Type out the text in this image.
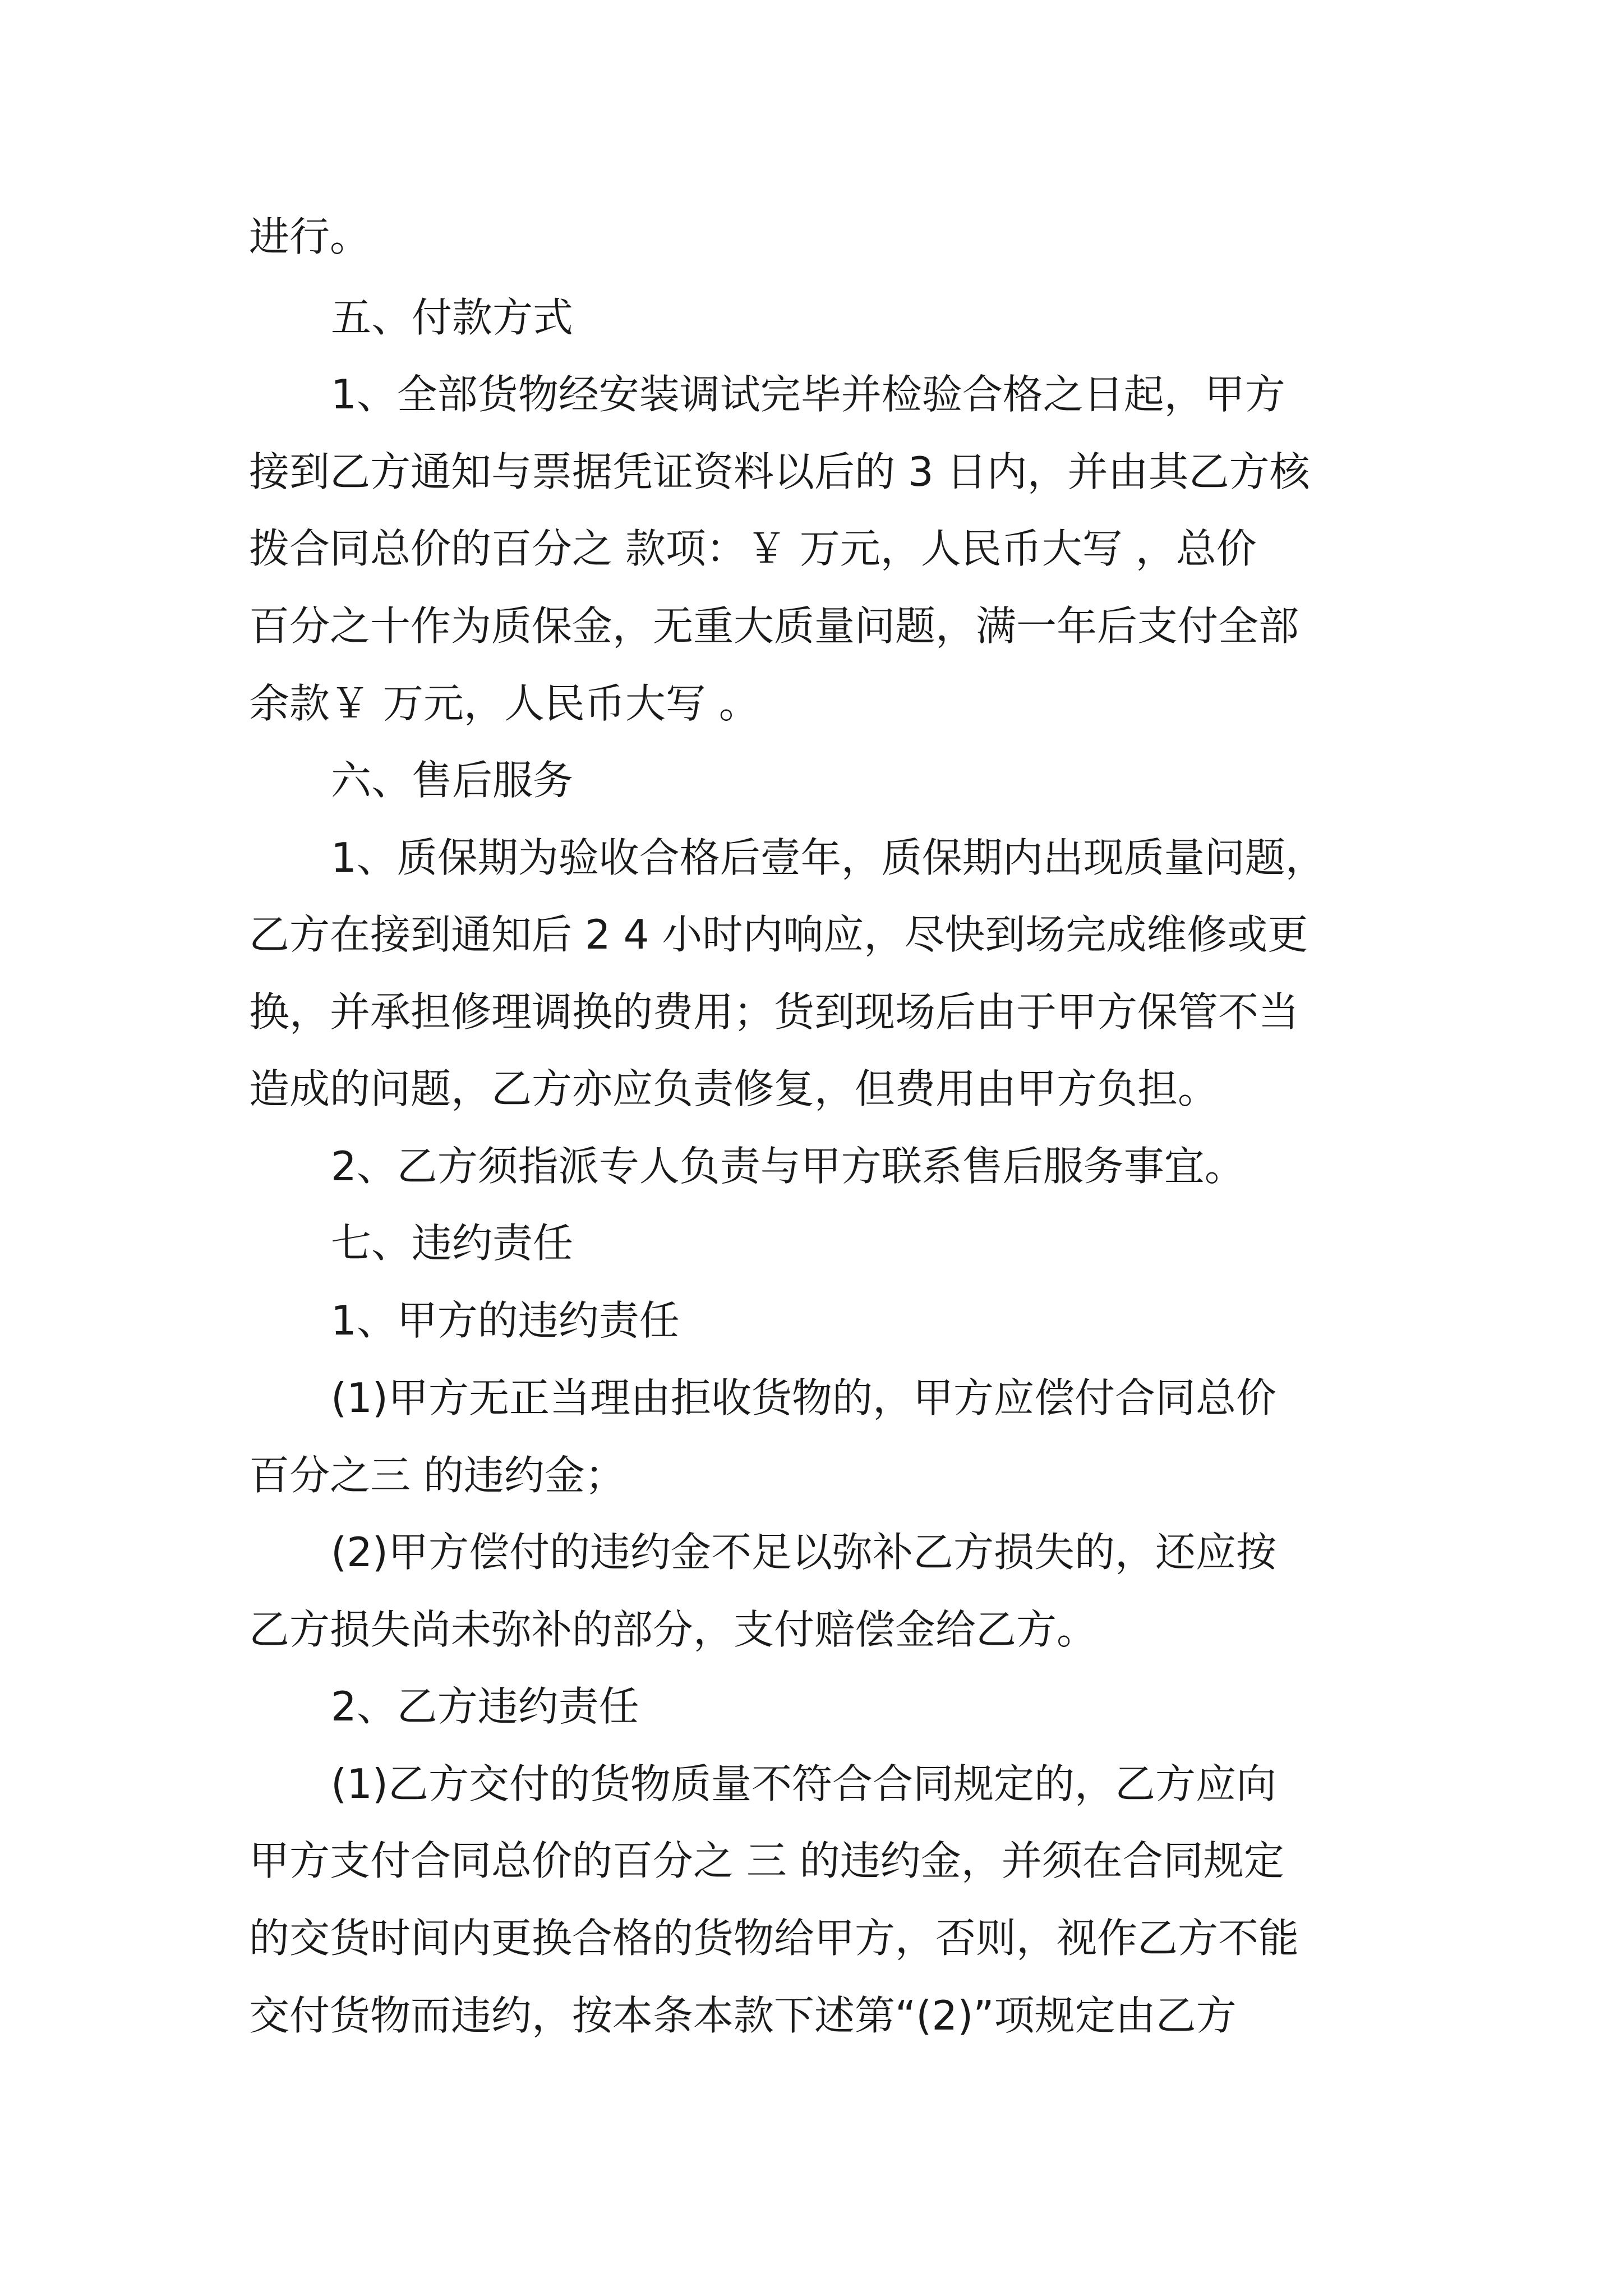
进行。
五、付款方式
1、全部货物经安装调试完毕并检验合格之日起，甲方
接到乙方通知与票据凭证资料以后的 3 日内，并由其乙方核
拨合同总价的百分之 款项：￥ 万元，人民币大写 ，总价
百分之十作为质保金，无重大质量问题，满一年后支付全部
余款￥ 万元，人民币大写 。
六、售后服务
1、质保期为验收合格后壹年，质保期内出现质量问题，
乙方在接到通知后 2 4 小时内响应，尽快到场完成维修或更
换，并承担修理调换的费用；货到现场后由于甲方保管不当
造成的问题，乙方亦应负责修复，但费用由甲方负担。
2、乙方须指派专人负责与甲方联系售后服务事宜。
七、违约责任
1、甲方的违约责任
(1)甲方无正当理由拒收货物的，甲方应偿付合同总价
百分之三 的违约金；
(2)甲方偿付的违约金不足以弥补乙方损失的，还应按
乙方损失尚未弥补的部分，支付赔偿金给乙方。
2、乙方违约责任
(1)乙方交付的货物质量不符合合同规定的，乙方应向
甲方支付合同总价的百分之 三 的违约金，并须在合同规定
的交货时间内更换合格的货物给甲方，否则，视作乙方不能
交付货物而违约，按本条本款下述第“(2)”项规定由乙方
